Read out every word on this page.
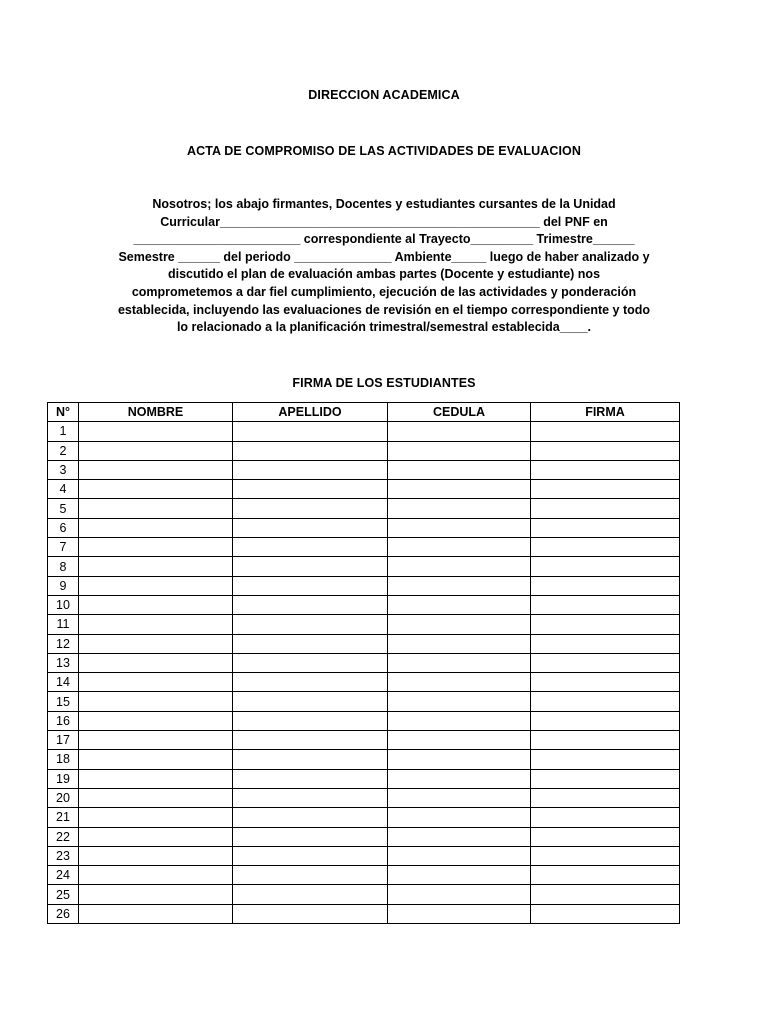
DIRECCION ACADEMICA
ACTA DE COMPROMISO DE LAS ACTIVIDADES DE EVALUACION
Nosotros; los abajo firmantes, Docentes y estudiantes cursantes de la Unidad
Curricular______________________________________________ del PNF en
________________________ correspondiente al Trayecto_________ Trimestre______
Semestre ______ del periodo ______________ Ambiente_____ luego de haber analizado y
discutido el plan de evaluación ambas partes (Docente y estudiante) nos
comprometemos a dar fiel cumplimiento, ejecución de las actividades y ponderación
establecida, incluyendo las evaluaciones de revisión en el tiempo correspondiente y todo
lo relacionado a la planificación trimestral/semestral establecida____.
FIRMA DE LOS ESTUDIANTES
N°	NOMBRE	APELLIDO	CEDULA	FIRMA
1				
2				
3				
4				
5				
6				
7				
8				
9				
10				
11				
12				
13				
14				
15				
16				
17				
18				
19				
20				
21				
22				
23				
24				
25				
26				
